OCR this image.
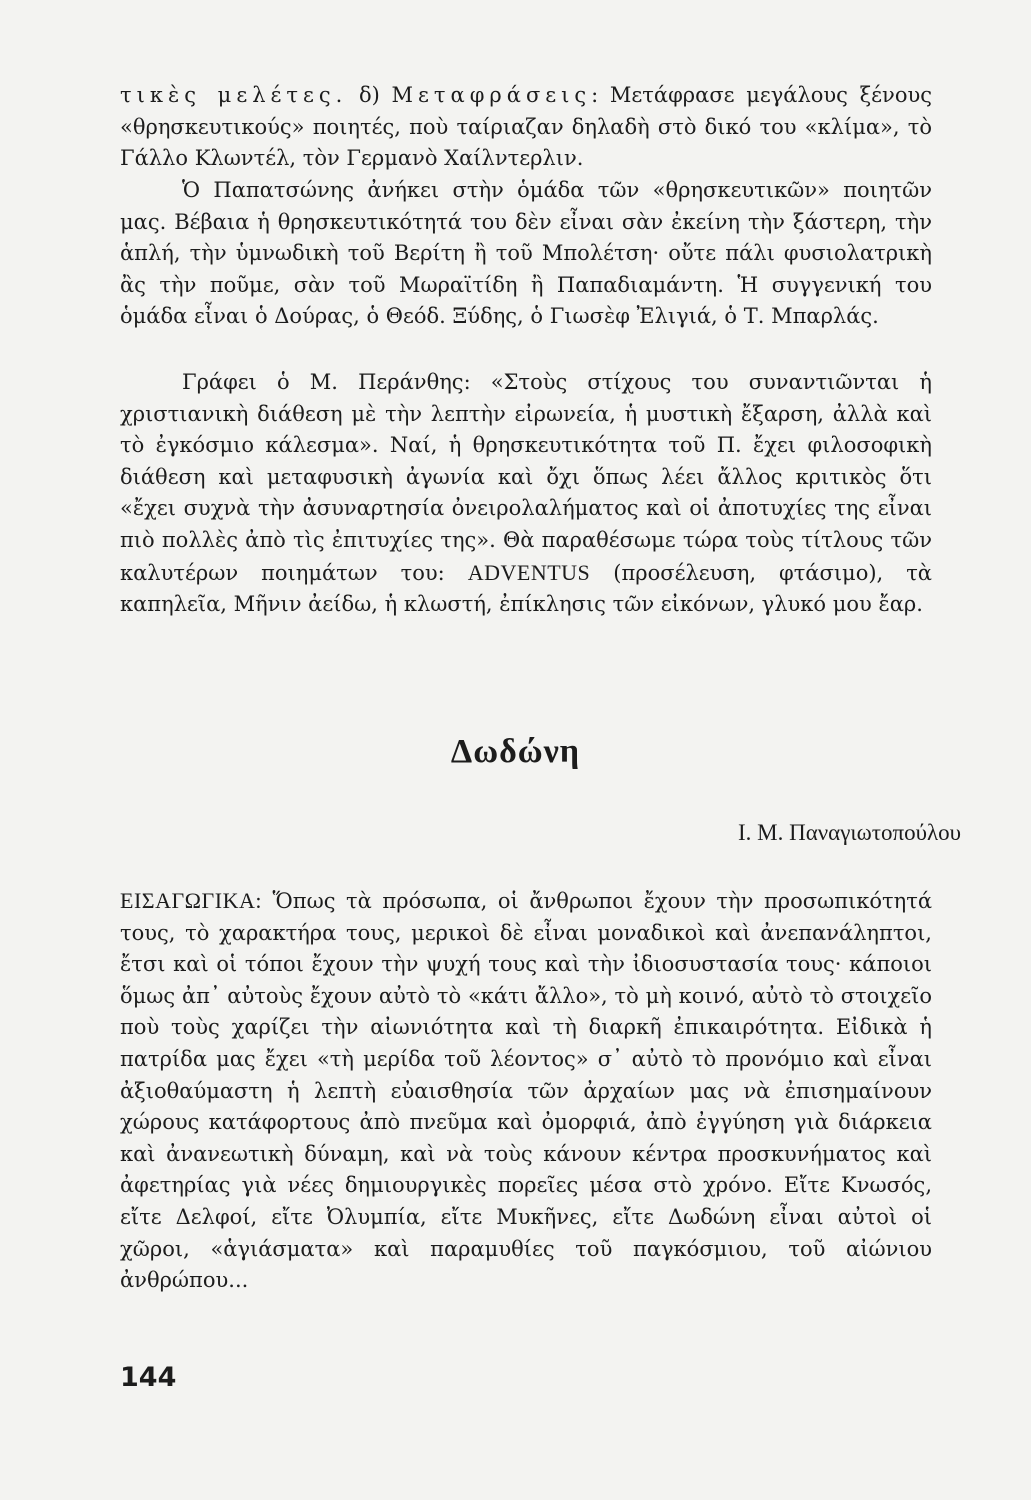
τικὲς μελέτες. δ) Μεταφράσεις: Μετάφρασε μεγάλους ξένους «θρησκευτικούς» ποιητές, ποὺ ταίριαζαν δηλαδὴ στὸ δικό του «κλίμα», τὸ Γάλλο Κλωντέλ, τὸν Γερμανὸ Χαίλντερλιν.

Ὁ Παπατσώνης ἀνήκει στὴν ὁμάδα τῶν «θρησκευτικῶν» ποιητῶν μας. Βέβαια ἡ θρησκευτικότητά του δὲν εἶναι σὰν ἐκείνη τὴν ξάστερη, τὴν ἁπλή, τὴν ὑμνωδικὴ τοῦ Βερίτη ἢ τοῦ Μπολέτση· οὔτε πάλι φυσιολατρικὴ ἂς τὴν ποῦμε, σὰν τοῦ Μωραϊτίδη ἢ Παπαδιαμάντη. Ἡ συγγενική του ὁμάδα εἶναι ὁ Δούρας, ὁ Θεόδ. Ξύδης, ὁ Γιωσὲφ Ἐλιγιά, ὁ Τ. Μπαρλάς.

Γράφει ὁ Μ. Περάνθης: «Στοὺς στίχους του συναντιῶνται ἡ χριστιανικὴ διάθεση μὲ τὴν λεπτὴν εἰρωνεία, ἡ μυστικὴ ἔξαρση, ἀλλὰ καὶ τὸ ἐγκόσμιο κάλεσμα». Ναί, ἡ θρησκευτικότητα τοῦ Π. ἔχει φιλοσοφικὴ διάθεση καὶ μεταφυσικὴ ἀγωνία καὶ ὄχι ὅπως λέει ἄλλος κριτικὸς ὅτι «ἔχει συχνὰ τὴν ἀσυναρτησία ὀνειρολαλήματος καὶ οἱ ἀποτυχίες της εἶναι πιὸ πολλὲς ἀπὸ τὶς ἐπιτυχίες της». Θὰ παραθέσωμε τώρα τοὺς τίτλους τῶν καλυτέρων ποιημάτων του: ADVENTUS (προσέλευση, φτάσιμο), τὰ καπηλεῖα, Μῆνιν ἀείδω, ἡ κλωστή, ἐπίκλησις τῶν εἰκόνων, γλυκό μου ἔαρ.

Δωδώνη
Ι. Μ. Παναγιωτοπούλου

ΕΙΣΑΓΩΓΙΚΑ: Ὅπως τὰ πρόσωπα, οἱ ἄνθρωποι ἔχουν τὴν προσωπικότητά τους, τὸ χαρακτήρα τους, μερικοὶ δὲ εἶναι μοναδικοὶ καὶ ἀνεπανάληπτοι, ἔτσι καὶ οἱ τόποι ἔχουν τὴν ψυχή τους καὶ τὴν ἰδιοσυστασία τους· κάποιοι ὅμως ἀπ᾿ αὐτοὺς ἔχουν αὐτὸ τὸ «κάτι ἄλλο», τὸ μὴ κοινό, αὐτὸ τὸ στοιχεῖο ποὺ τοὺς χαρίζει τὴν αἰωνιότητα καὶ τὴ διαρκῆ ἐπικαιρότητα. Εἰδικὰ ἡ πατρίδα μας ἔχει «τὴ μερίδα τοῦ λέοντος» σ᾿ αὐτὸ τὸ προνόμιο καὶ εἶναι ἀξιοθαύμαστη ἡ λεπτὴ εὐαισθησία τῶν ἀρχαίων μας νὰ ἐπισημαίνουν χώρους κατάφορτους ἀπὸ πνεῦμα καὶ ὀμορφιά, ἀπὸ ἐγγύηση γιὰ διάρκεια καὶ ἀνανεωτικὴ δύναμη, καὶ νὰ τοὺς κάνουν κέντρα προσκυνήματος καὶ ἀφετηρίας γιὰ νέες δημιουργικὲς πορεῖες μέσα στὸ χρόνο. Εἴτε Κνωσός, εἴτε Δελφοί, εἴτε Ὀλυμπία, εἴτε Μυκῆνες, εἴτε Δωδώνη εἶναι αὐτοὶ οἱ χῶροι, «ἁγιάσματα» καὶ παραμυθίες τοῦ παγκόσμιου, τοῦ αἰώνιου ἀνθρώπου...

144
